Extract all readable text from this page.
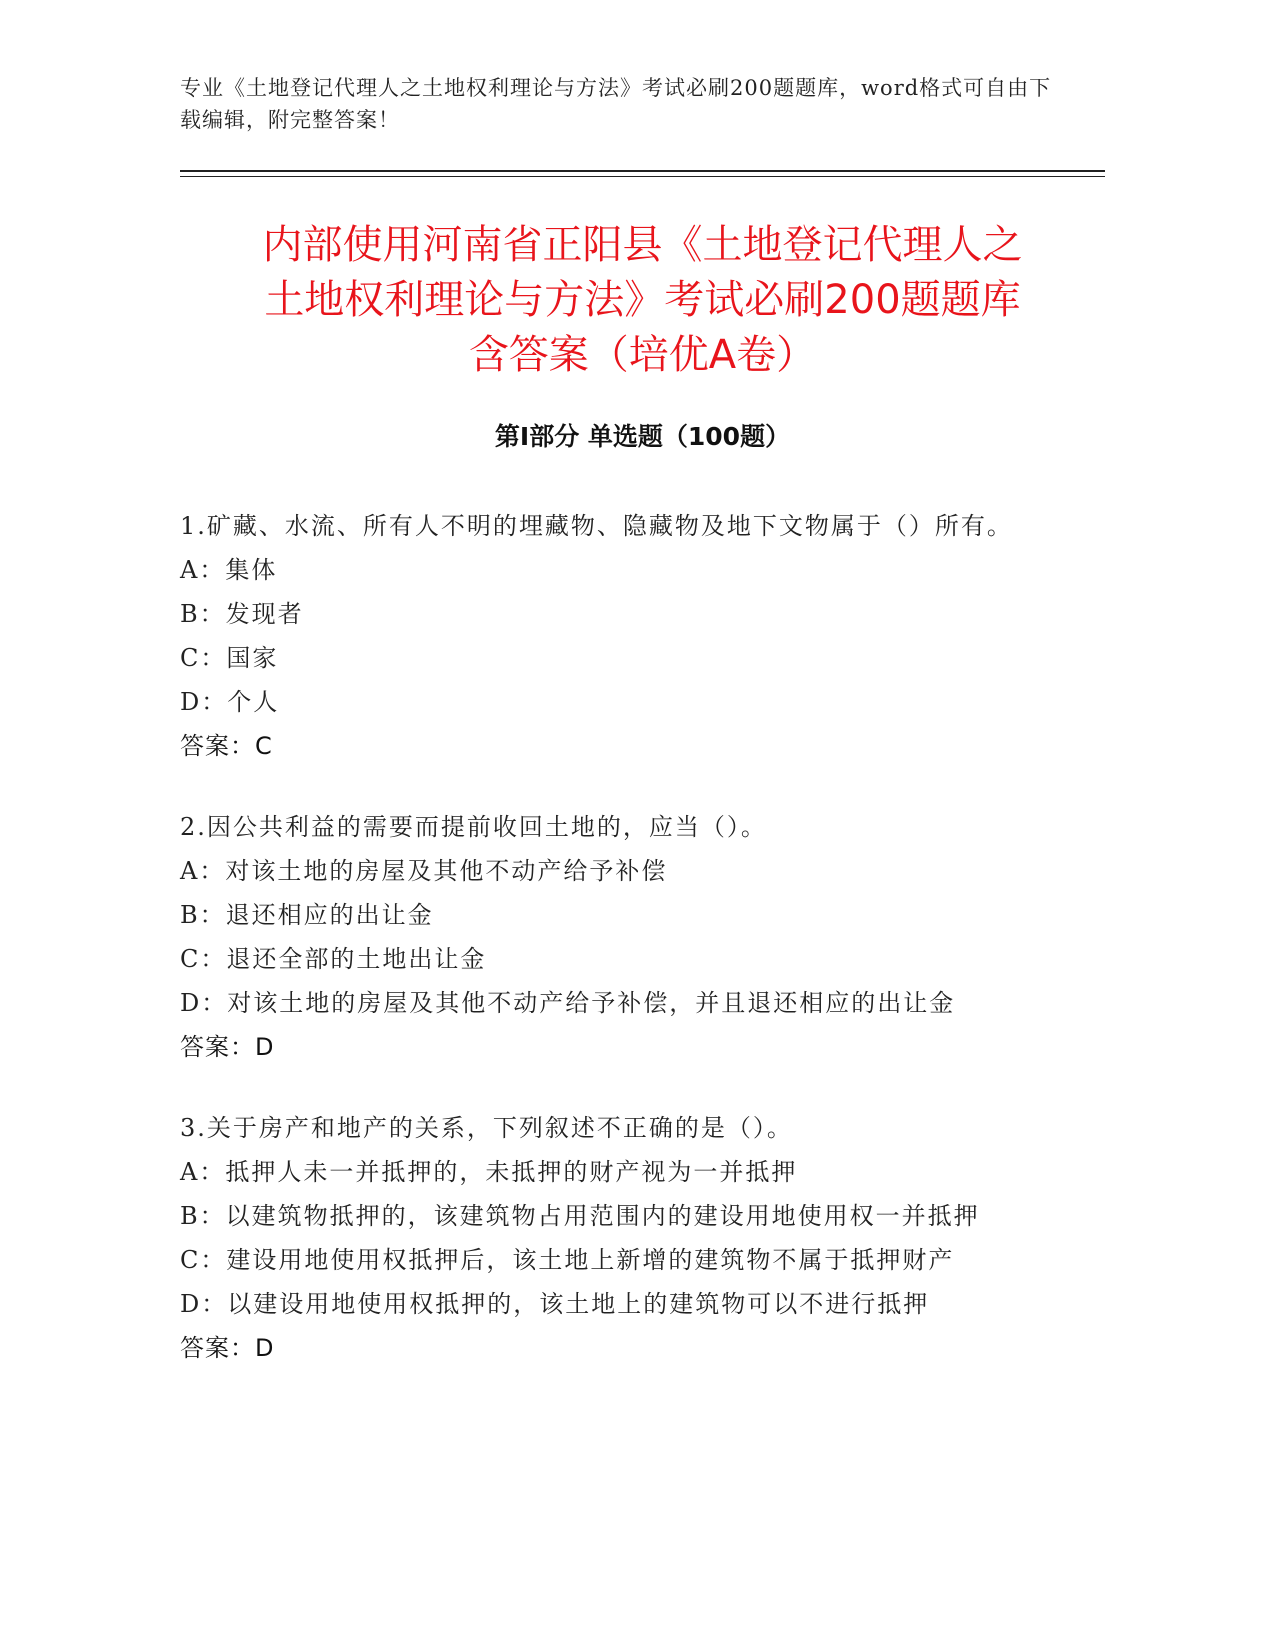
专业《土地登记代理人之土地权利理论与方法》考试必刷200题题库，word格式可自由下载编辑，附完整答案！
内部使用河南省正阳县《土地登记代理人之
土地权利理论与方法》考试必刷200题题库
含答案（培优A卷）
第I部分 单选题（100题）
1.矿藏、水流、所有人不明的埋藏物、隐藏物及地下文物属于（）所有。
A：集体
B：发现者
C：国家
D：个人
答案：C
2.因公共利益的需要而提前收回土地的，应当（）。
A：对该土地的房屋及其他不动产给予补偿
B：退还相应的出让金
C：退还全部的土地出让金
D：对该土地的房屋及其他不动产给予补偿，并且退还相应的出让金
答案：D
3.关于房产和地产的关系，下列叙述不正确的是（）。
A：抵押人未一并抵押的，未抵押的财产视为一并抵押
B：以建筑物抵押的，该建筑物占用范围内的建设用地使用权一并抵押
C：建设用地使用权抵押后，该土地上新增的建筑物不属于抵押财产
D：以建设用地使用权抵押的，该土地上的建筑物可以不进行抵押
答案：D
